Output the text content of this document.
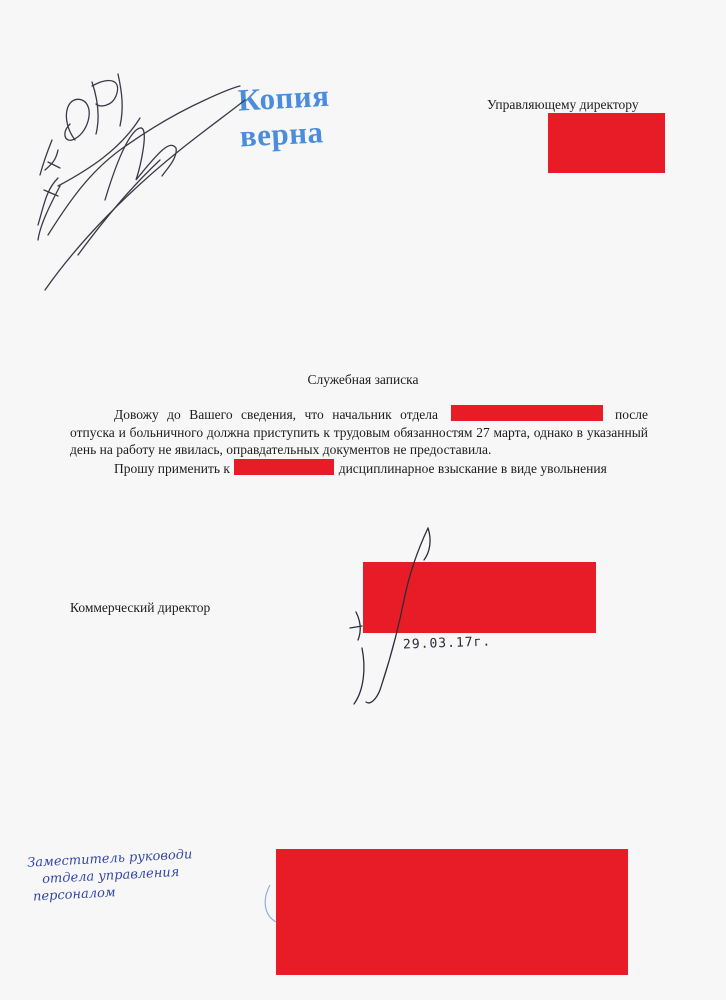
Копия верна
Управляющему директору
Служебная записка

Довожу до Вашего сведения, что начальник отдела	после отпуска и больничного должна приступить к трудовым обязанностям 27 марта, однако в указанный день на работу не явилась, оправдательных документов не предоставила.

Прошу применить к	дисциплинарное взыскание в виде увольнения

Коммерческий директор
29.03.17г.
Заместитель руководи
отдела управления
персоналом
